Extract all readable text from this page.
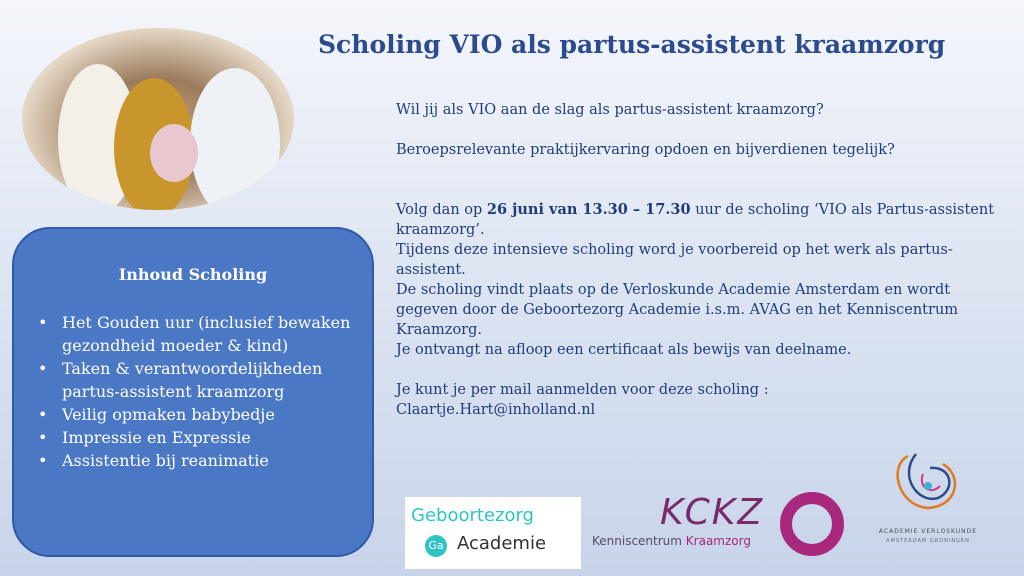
Scholing VIO als partus-assistent kraamzorg

Wil jij als VIO aan de slag als partus-assistent kraamzorg?

Beroepsrelevante praktijkervaring opdoen en bijverdienen tegelijk?

Volg dan op 26 juni van 13.30 – 17.30 uur de scholing ‘VIO als Partus-assistent kraamzorg’.

Tijdens deze intensieve scholing word je voorbereid op het werk als partus-assistent.

De scholing vindt plaats op de Verloskunde Academie Amsterdam en wordt gegeven door de Geboortezorg Academie i.s.m. AVAG en het Kenniscentrum Kraamzorg.

Je ontvangt na afloop een certificaat als bewijs van deelname.

Je kunt je per mail aanmelden voor deze scholing :

Claartje.Hart@inholland.nl

Inhoud Scholing
• Het Gouden uur (inclusief bewaken gezondheid moeder & kind)
• Taken & verantwoordelijkheden partus-assistent kraamzorg
• Veilig opmaken babybedje
• Impressie en Expressie
• Assistentie bij reanimatie
Geboortezorg
Ga Academie
KCKZ
Kenniscentrum Kraamzorg
ACADEMIE VERLOSKUNDE
AMSTERDAM GRONINGEN
